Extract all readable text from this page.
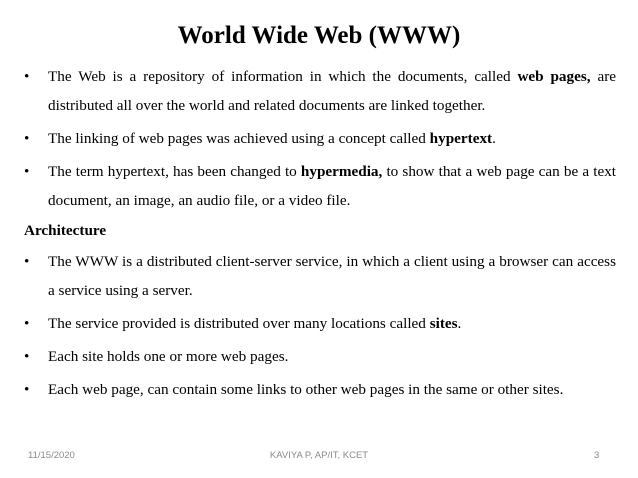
World Wide Web (WWW)
•	The Web is a repository of information in which the documents, called web pages, are distributed all over the world and related documents are linked together.
•	The linking of web pages was achieved using a concept called hypertext.
•	The term hypertext, has been changed to hypermedia, to show that a web page can be a text document, an image, an audio file, or a video file.
Architecture
•	The WWW is a distributed client-server service, in which a client using a browser can access a service using a server.
•	The service provided is distributed over many locations called sites.
•	Each site holds one or more web pages.
•	Each web page, can contain some links to other web pages in the same or other sites.
11/15/2020	KAVIYA P, AP/IT, KCET	3
